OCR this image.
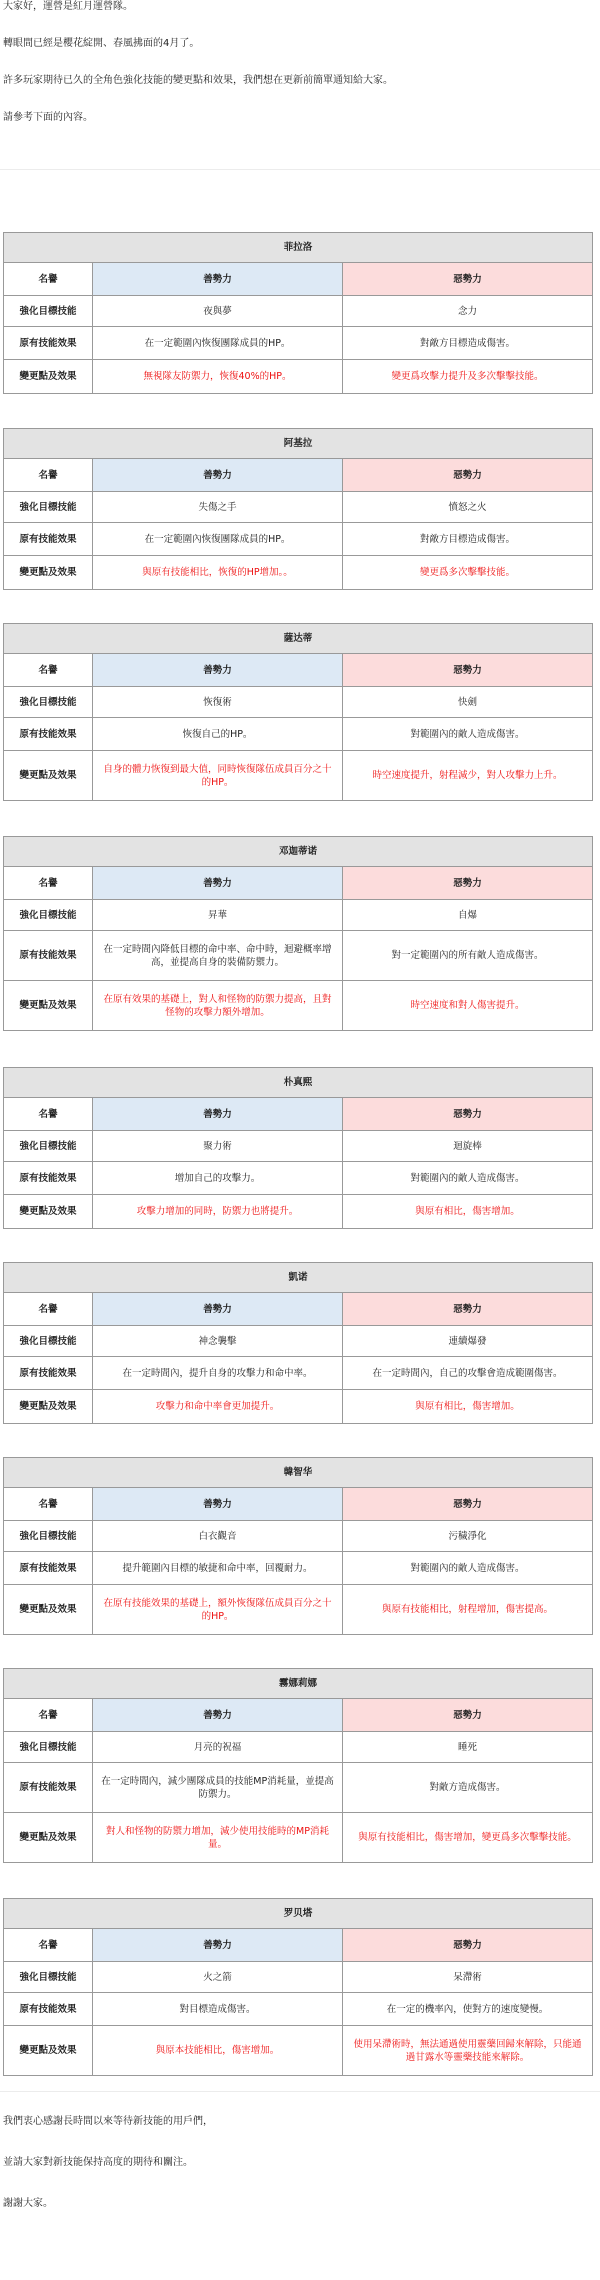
大家好，運營是紅月運營隊。

轉眼間已經是櫻花綻開、春風拂面的4月了。

許多玩家期待已久的全角色強化技能的變更點和效果，我們想在更新前簡單通知給大家。

請參考下面的內容。

菲拉洛		
名譽	善勢力	惡勢力
強化目標技能	夜與夢	念力
原有技能效果	在一定範圍內恢復團隊成員的HP。	對敵方目標造成傷害。
變更點及效果	無視隊友防禦力，恢復40%的HP。	變更爲攻擊力提升及多次擊擊技能。
阿基拉		
名譽	善勢力	惡勢力
強化目標技能	失傷之手	憤怒之火
原有技能效果	在一定範圍內恢復團隊成員的HP。	對敵方目標造成傷害。
變更點及效果	與原有技能相比，恢復的HP增加。。	變更爲多次擊擊技能。
薩达蒂		
名譽	善勢力	惡勢力
強化目標技能	恢復術	快劍
原有技能效果	恢復自己的HP。	對範圍內的敵人造成傷害。
變更點及效果	自身的體力恢復到最大值，同時恢復隊伍成員百分之十的HP。	時空速度提升，射程減少，對人攻擊力上升。
邓迦蒂诺		
名譽	善勢力	惡勢力
強化目標技能	昇華	自爆
原有技能效果	在一定時間內降低目標的命中率、命中時，迴避概率增高，並提高自身的裝備防禦力。	對一定範圍內的所有敵人造成傷害。
變更點及效果	在原有效果的基礎上，對人和怪物的防禦力提高，且對怪物的攻擊力額外增加。	時空速度和對人傷害提升。
朴真熙		
名譽	善勢力	惡勢力
強化目標技能	聚力術	迴旋棒
原有技能效果	增加自己的攻擊力。	對範圍內的敵人造成傷害。
變更點及效果	攻擊力增加的同時，防禦力也將提升。	與原有相比，傷害增加。
凱诺		
名譽	善勢力	惡勢力
強化目標技能	神念襲擊	連續爆發
原有技能效果	在一定時間內，提升自身的攻擊力和命中率。	在一定時間內，自己的攻擊會造成範圍傷害。
變更點及效果	攻擊力和命中率會更加提升。	與原有相比，傷害增加。
韓智华		
名譽	善勢力	惡勢力
強化目標技能	白衣觀音	污穢淨化
原有技能效果	提升範圍內目標的敏捷和命中率，回覆耐力。	對範圍內的敵人造成傷害。
變更點及效果	在原有技能效果的基礎上，額外恢復隊伍成員百分之十的HP。	與原有技能相比，射程增加，傷害提高。
霧娜莉娜		
名譽	善勢力	惡勢力
強化目標技能	月亮的祝福	睡死
原有技能效果	在一定時間內，減少團隊成員的技能MP消耗量，並提高防禦力。	對敵方造成傷害。
變更點及效果	對人和怪物的防禦力增加，減少使用技能時的MP消耗量。	與原有技能相比，傷害增加，變更爲多次擊擊技能。
罗贝塔		
名譽	善勢力	惡勢力
強化目標技能	火之箭	呆滯術
原有技能效果	對目標造成傷害。	在一定的機率內，使對方的速度變慢。
變更點及效果	與原本技能相比，傷害增加。	使用呆滯術時，無法通過使用靈藥回歸來解除，只能通過甘露水等靈藥技能來解除。

我們衷心感謝長時間以來等待新技能的用戶們，

並請大家對新技能保持高度的期待和關注。

謝謝大家。
